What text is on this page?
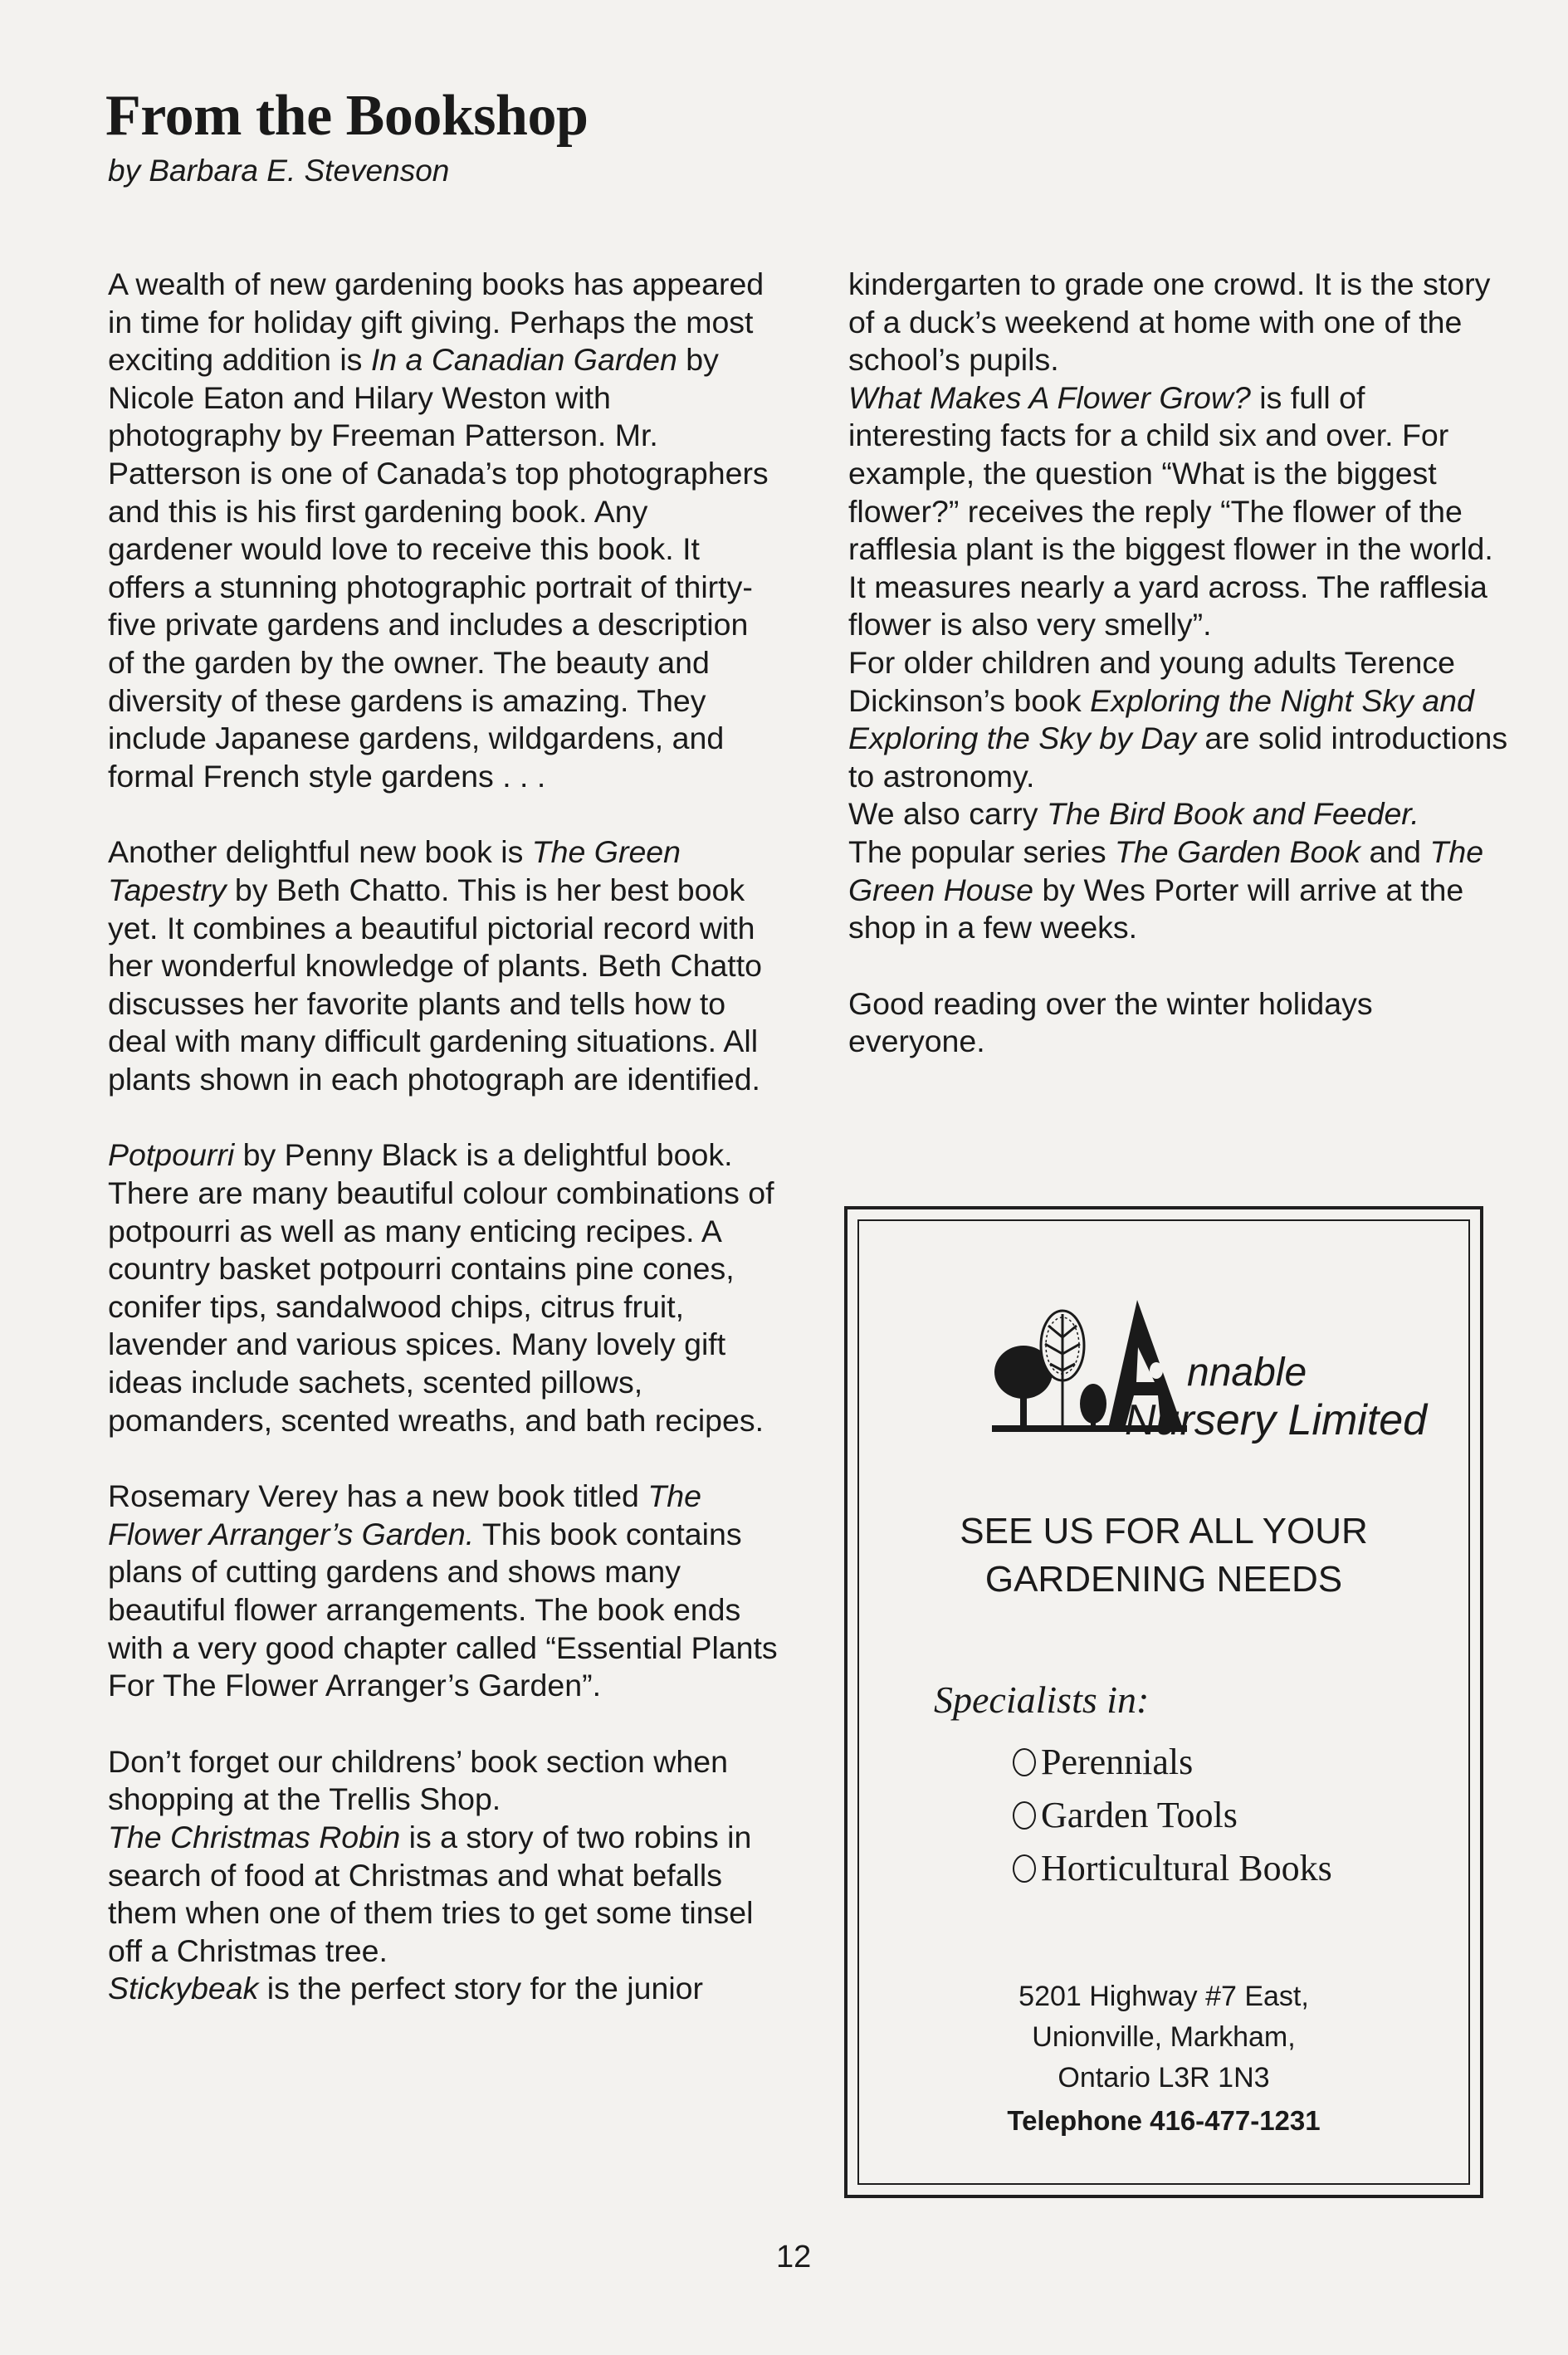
From the Bookshop
by Barbara E. Stevenson

A wealth of new gardening books has appeared in time for holiday gift giving. Perhaps the most exciting addition is In a Canadian Garden by Nicole Eaton and Hilary Weston with photography by Freeman Patterson. Mr. Patterson is one of Canada’s top photographers and this is his first gardening book. Any gardener would love to receive this book. It offers a stunning photographic portrait of thirty-five private gardens and includes a description of the garden by the owner. The beauty and diversity of these gardens is amazing. They include Japanese gardens, wildgardens, and formal French style gardens . . .

Another delightful new book is The Green Tapestry by Beth Chatto. This is her best book yet. It combines a beautiful pictorial record with her wonderful knowledge of plants. Beth Chatto discusses her favorite plants and tells how to deal with many difficult gardening situations. All plants shown in each photograph are identified.

Potpourri by Penny Black is a delightful book. There are many beautiful colour combinations of potpourri as well as many enticing recipes. A country basket potpourri contains pine cones, conifer tips, sandalwood chips, citrus fruit, lavender and various spices. Many lovely gift ideas include sachets, scented pillows, pomanders, scented wreaths, and bath recipes.

Rosemary Verey has a new book titled The Flower Arranger’s Garden. This book contains plans of cutting gardens and shows many beautiful flower arrangements. The book ends with a very good chapter called “Essential Plants For The Flower Arranger’s Garden”.

Don’t forget our childrens’ book section when shopping at the Trellis Shop.

The Christmas Robin is a story of two robins in search of food at Christmas and what befalls them when one of them tries to get some tinsel off a Christmas tree.

Stickybeak is the perfect story for the junior

kindergarten to grade one crowd. It is the story of a duck’s weekend at home with one of the school’s pupils.

What Makes A Flower Grow? is full of interesting facts for a child six and over. For example, the question “What is the biggest flower?” receives the reply “The flower of the rafflesia plant is the biggest flower in the world. It measures nearly a yard across. The rafflesia flower is also very smelly”.

For older children and young adults Terence Dickinson’s book Exploring the Night Sky and Exploring the Sky by Day are solid introductions to astronomy.

We also carry The Bird Book and Feeder.

The popular series The Garden Book and The Green House by Wes Porter will arrive at the shop in a few weeks.

Good reading over the winter holidays everyone.

nnable
Nursery Limited
SEE US FOR ALL YOUR
GARDENING NEEDS
Specialists in:
Perennials
Garden Tools
Horticultural Books
5201 Highway #7 East,
Unionville, Markham,
Ontario L3R 1N3
Telephone 416-477-1231
12
